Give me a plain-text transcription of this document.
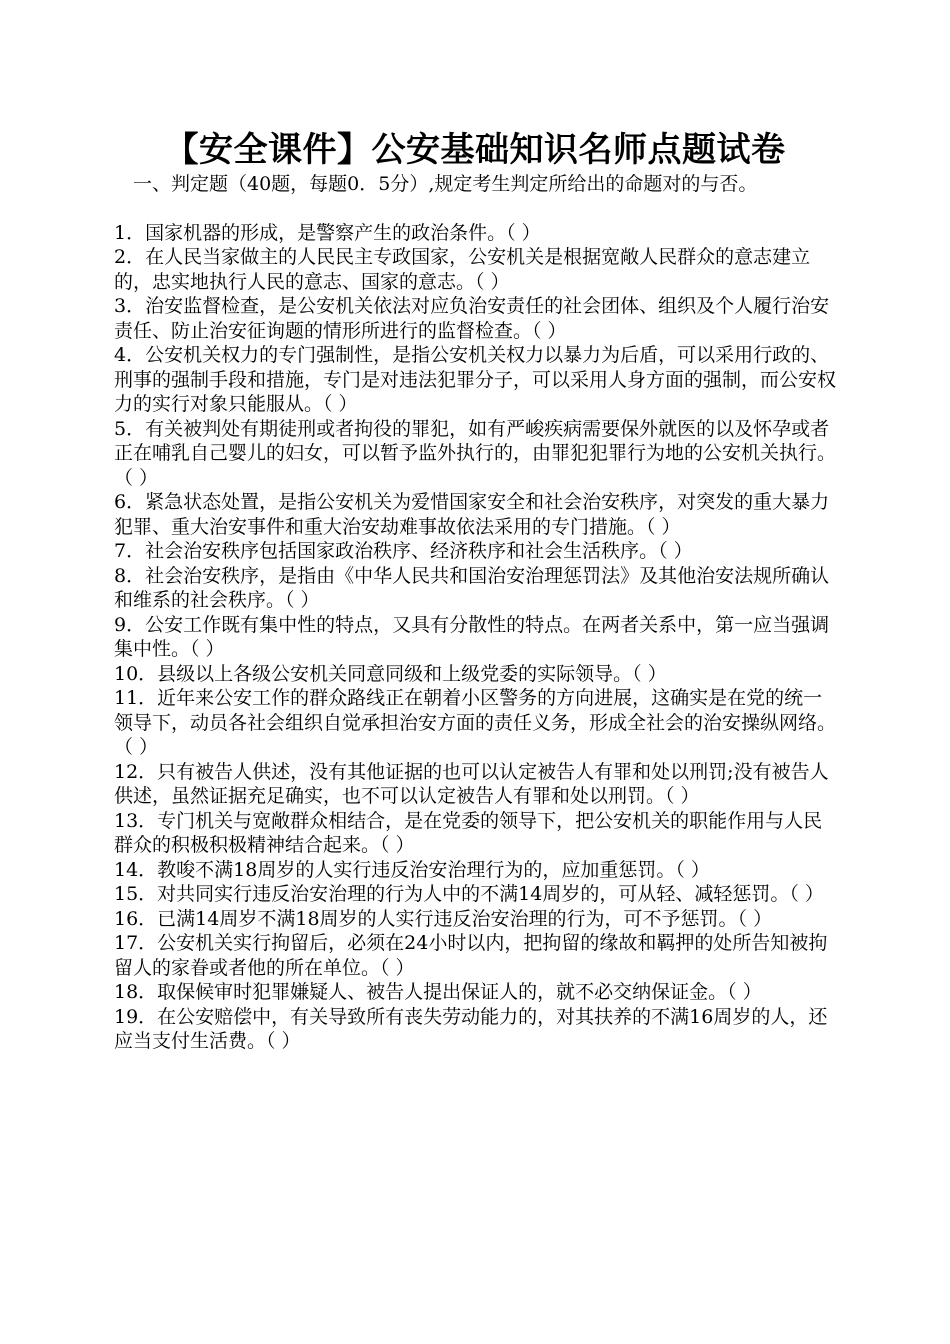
【安全课件】公安基础知识名师点题试卷

一、判定题（40题，每题0．5分）,规定考生判定所给出的命题对的与否。

1．国家机器的形成，是警察产生的政治条件。（ ）

2．在人民当家做主的人民民主专政国家，公安机关是根据宽敞人民群众的意志建立的，忠实地执行人民的意志、国家的意志。（ ）

3．治安监督检查，是公安机关依法对应负治安责任的社会团体、组织及个人履行治安责任、防止治安征询题的情形所进行的监督检查。（ ）

4．公安机关权力的专门强制性，是指公安机关权力以暴力为后盾，可以采用行政的、刑事的强制手段和措施，专门是对违法犯罪分子，可以采用人身方面的强制，而公安权力的实行对象只能服从。（ ）

5．有关被判处有期徒刑或者拘役的罪犯，如有严峻疾病需要保外就医的以及怀孕或者正在哺乳自己婴儿的妇女，可以暂予监外执行的，由罪犯犯罪行为地的公安机关执行。（ ）

6．紧急状态处置，是指公安机关为爱惜国家安全和社会治安秩序，对突发的重大暴力犯罪、重大治安事件和重大治安劫难事故依法采用的专门措施。（ ）

7．社会治安秩序包括国家政治秩序、经济秩序和社会生活秩序。（ ）

8．社会治安秩序，是指由《中华人民共和国治安治理惩罚法》及其他治安法规所确认和维系的社会秩序。（ ）

9．公安工作既有集中性的特点，又具有分散性的特点。在两者关系中，第一应当强调集中性。（ ）

10．县级以上各级公安机关同意同级和上级党委的实际领导。（ ）

11．近年来公安工作的群众路线正在朝着小区警务的方向进展，这确实是在党的统一领导下，动员各社会组织自觉承担治安方面的责任义务，形成全社会的治安操纵网络。（ ）

12．只有被告人供述，没有其他证据的也可以认定被告人有罪和处以刑罚;没有被告人供述，虽然证据充足确实，也不可以认定被告人有罪和处以刑罚。（ ）

13．专门机关与宽敞群众相结合，是在党委的领导下，把公安机关的职能作用与人民群众的积极积极精神结合起来。（ ）

14．教唆不满18周岁的人实行违反治安治理行为的，应加重惩罚。（ ）

15．对共同实行违反治安治理的行为人中的不满14周岁的，可从轻、减轻惩罚。（ ）

16．已满14周岁不满18周岁的人实行违反治安治理的行为，可不予惩罚。（ ）

17．公安机关实行拘留后，必须在24小时以内，把拘留的缘故和羁押的处所告知被拘留人的家眷或者他的所在单位。（ ）

18．取保候审时犯罪嫌疑人、被告人提出保证人的，就不必交纳保证金。（ ）

19．在公安赔偿中，有关导致所有丧失劳动能力的，对其扶养的不满16周岁的人，还应当支付生活费。（ ）
